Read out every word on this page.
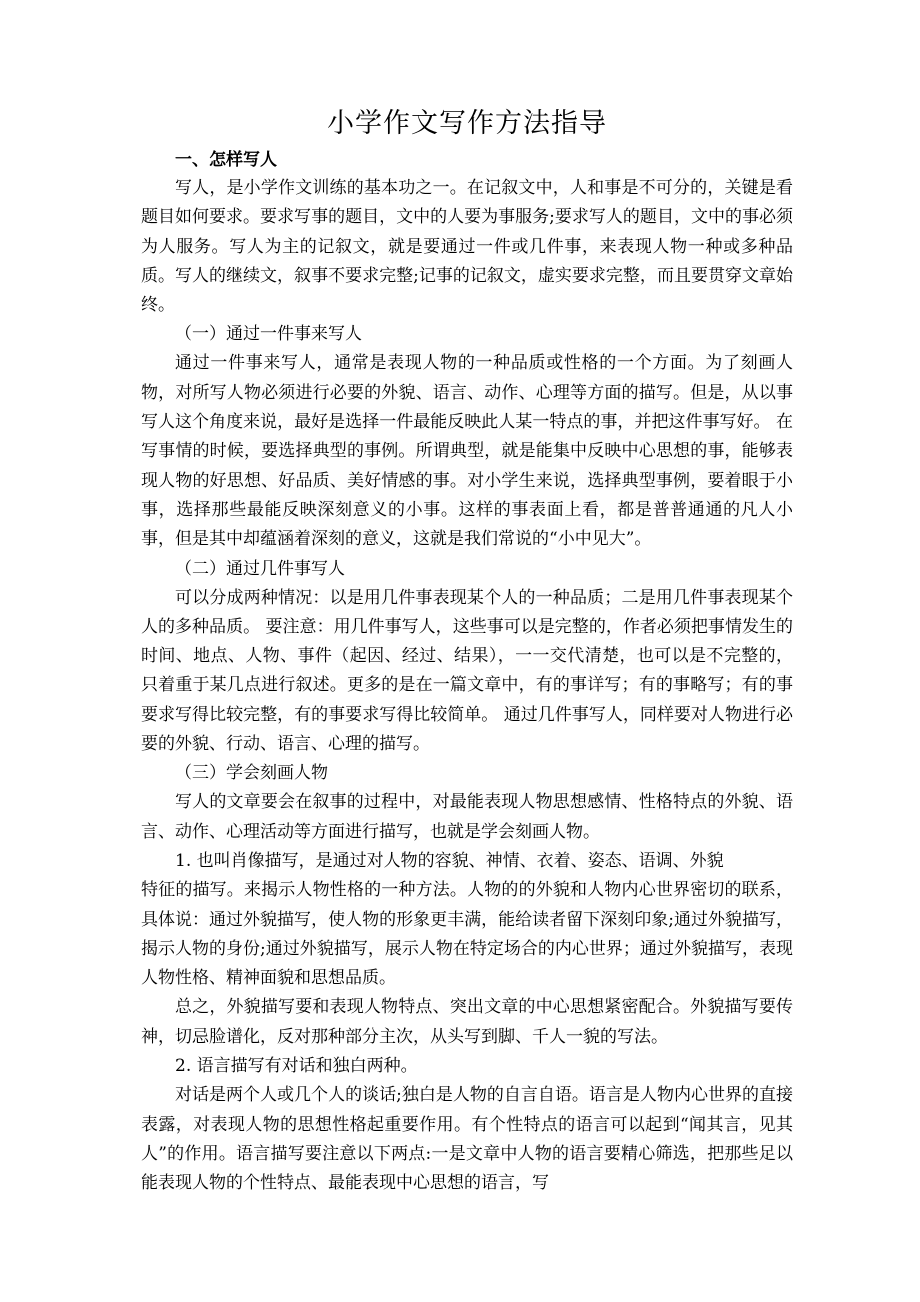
小学作文写作方法指导

一、怎样写人

写人，是小学作文训练的基本功之一。在记叙文中，人和事是不可分的，关键是看题目如何要求。要求写事的题目，文中的人要为事服务;要求写人的题目，文中的事必须为人服务。写人为主的记叙文，就是要通过一件或几件事，来表现人物一种或多种品质。写人的继续文，叙事不要求完整;记事的记叙文，虚实要求完整，而且要贯穿文章始终。

（一）通过一件事来写人

通过一件事来写人，通常是表现人物的一种品质或性格的一个方面。为了刻画人物，对所写人物必须进行必要的外貌、语言、动作、心理等方面的描写。但是，从以事写人这个角度来说，最好是选择一件最能反映此人某一特点的事，并把这件事写好。 在写事情的时候，要选择典型的事例。所谓典型，就是能集中反映中心思想的事，能够表现人物的好思想、好品质、美好情感的事。对小学生来说，选择典型事例，要着眼于小事，选择那些最能反映深刻意义的小事。这样的事表面上看，都是普普通通的凡人小事，但是其中却蕴涵着深刻的意义，这就是我们常说的“小中见大”。

（二）通过几件事写人

可以分成两种情况：以是用几件事表现某个人的一种品质；二是用几件事表现某个人的多种品质。 要注意：用几件事写人，这些事可以是完整的，作者必须把事情发生的时间、地点、人物、事件（起因、经过、结果），一一交代清楚，也可以是不完整的，只着重于某几点进行叙述。更多的是在一篇文章中，有的事详写；有的事略写；有的事要求写得比较完整，有的事要求写得比较简单。 通过几件事写人，同样要对人物进行必要的外貌、行动、语言、心理的描写。

（三）学会刻画人物

写人的文章要会在叙事的过程中，对最能表现人物思想感情、性格特点的外貌、语言、动作、心理活动等方面进行描写，也就是学会刻画人物。

1. 也叫肖像描写，是通过对人物的容貌、神情、衣着、姿态、语调、外貌

特征的描写。来揭示人物性格的一种方法。人物的的外貌和人物内心世界密切的联系，具体说：通过外貌描写，使人物的形象更丰满，能给读者留下深刻印象;通过外貌描写，揭示人物的身份;通过外貌描写，展示人物在特定场合的内心世界；通过外貌描写，表现人物性格、精神面貌和思想品质。

总之，外貌描写要和表现人物特点、突出文章的中心思想紧密配合。外貌描写要传神，切忌脸谱化，反对那种部分主次，从头写到脚、千人一貌的写法。

2. 语言描写有对话和独白两种。

对话是两个人或几个人的谈话;独白是人物的自言自语。语言是人物内心世界的直接表露，对表现人物的思想性格起重要作用。有个性特点的语言可以起到“闻其言，见其人”的作用。语言描写要注意以下两点:一是文章中人物的语言要精心筛选，把那些足以能表现人物的个性特点、最能表现中心思想的语言，写
